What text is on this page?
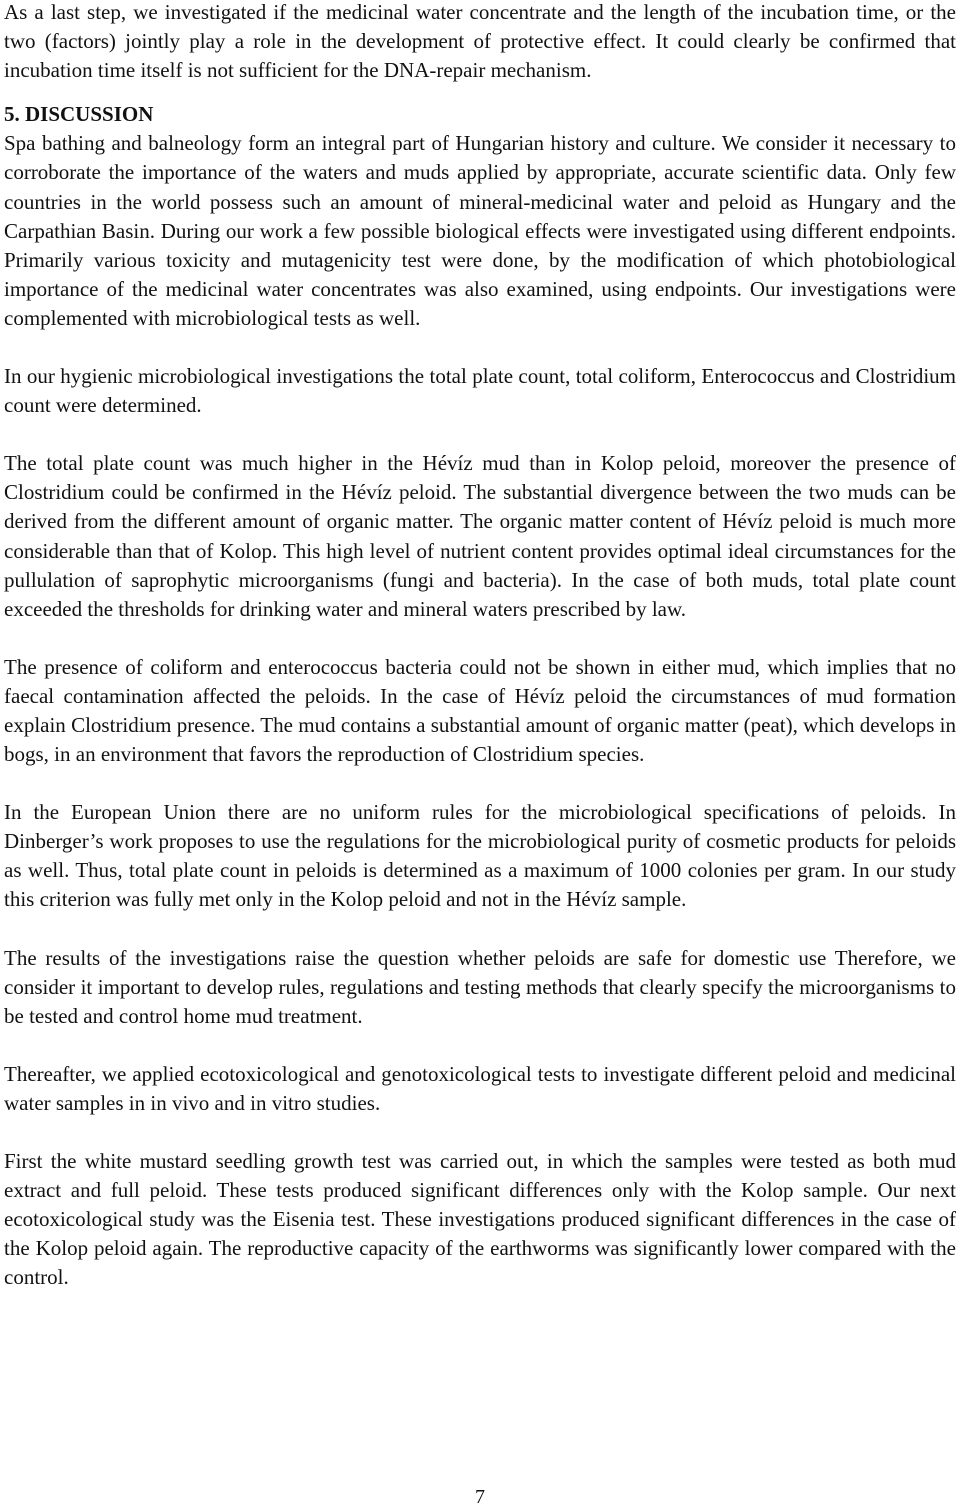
As a last step, we investigated if the medicinal water concentrate and the length of the incubation time, or the two (factors) jointly play a role in the development of protective effect. It could clearly be confirmed that incubation time itself is not sufficient for the DNA-repair mechanism.

5. DISCUSSION

Spa bathing and balneology form an integral part of Hungarian history and culture. We consider it necessary to corroborate the importance of the waters and muds applied by appropriate, accurate scientific data. Only few countries in the world possess such an amount of mineral-medicinal water and peloid as Hungary and the Carpathian Basin. During our work a few possible biological effects were investigated using different endpoints. Primarily various toxicity and mutagenicity test were done, by the modification of which photobiological importance of the medicinal water concentrates was also examined, using endpoints. Our investigations were complemented with microbiological tests as well.

In our hygienic microbiological investigations the total plate count, total coliform, Enterococcus and Clostridium count were determined.

The total plate count was much higher in the Hévíz mud than in Kolop peloid, moreover the presence of Clostridium could be confirmed in the Hévíz peloid. The substantial divergence between the two muds can be derived from the different amount of organic matter. The organic matter content of Hévíz peloid is much more considerable than that of Kolop. This high level of nutrient content provides optimal ideal circumstances for the pullulation of saprophytic microorganisms (fungi and bacteria). In the case of both muds, total plate count exceeded the thresholds for drinking water and mineral waters prescribed by law.

The presence of coliform and enterococcus bacteria could not be shown in either mud, which implies that no faecal contamination affected the peloids. In the case of Hévíz peloid the circumstances of mud formation explain Clostridium presence. The mud contains a substantial amount of organic matter (peat), which develops in bogs, in an environment that favors the reproduction of Clostridium species.

In the European Union there are no uniform rules for the microbiological specifications of peloids. In Dinberger’s work proposes to use the regulations for the microbiological purity of cosmetic products for peloids as well. Thus, total plate count in peloids is determined as a maximum of 1000 colonies per gram. In our study this criterion was fully met only in the Kolop peloid and not in the Hévíz sample.

The results of the investigations raise the question whether peloids are safe for domestic use Therefore, we consider it important to develop rules, regulations and testing methods that clearly specify the microorganisms to be tested and control home mud treatment.

Thereafter, we applied ecotoxicological and genotoxicological tests to investigate different peloid and medicinal water samples in in vivo and in vitro studies.

First the white mustard seedling growth test was carried out, in which the samples were tested as both mud extract and full peloid. These tests produced significant differences only with the Kolop sample. Our next ecotoxicological study was the Eisenia test. These investigations produced significant differences in the case of the Kolop peloid again. The reproductive capacity of the earthworms was significantly lower compared with the control.

7
